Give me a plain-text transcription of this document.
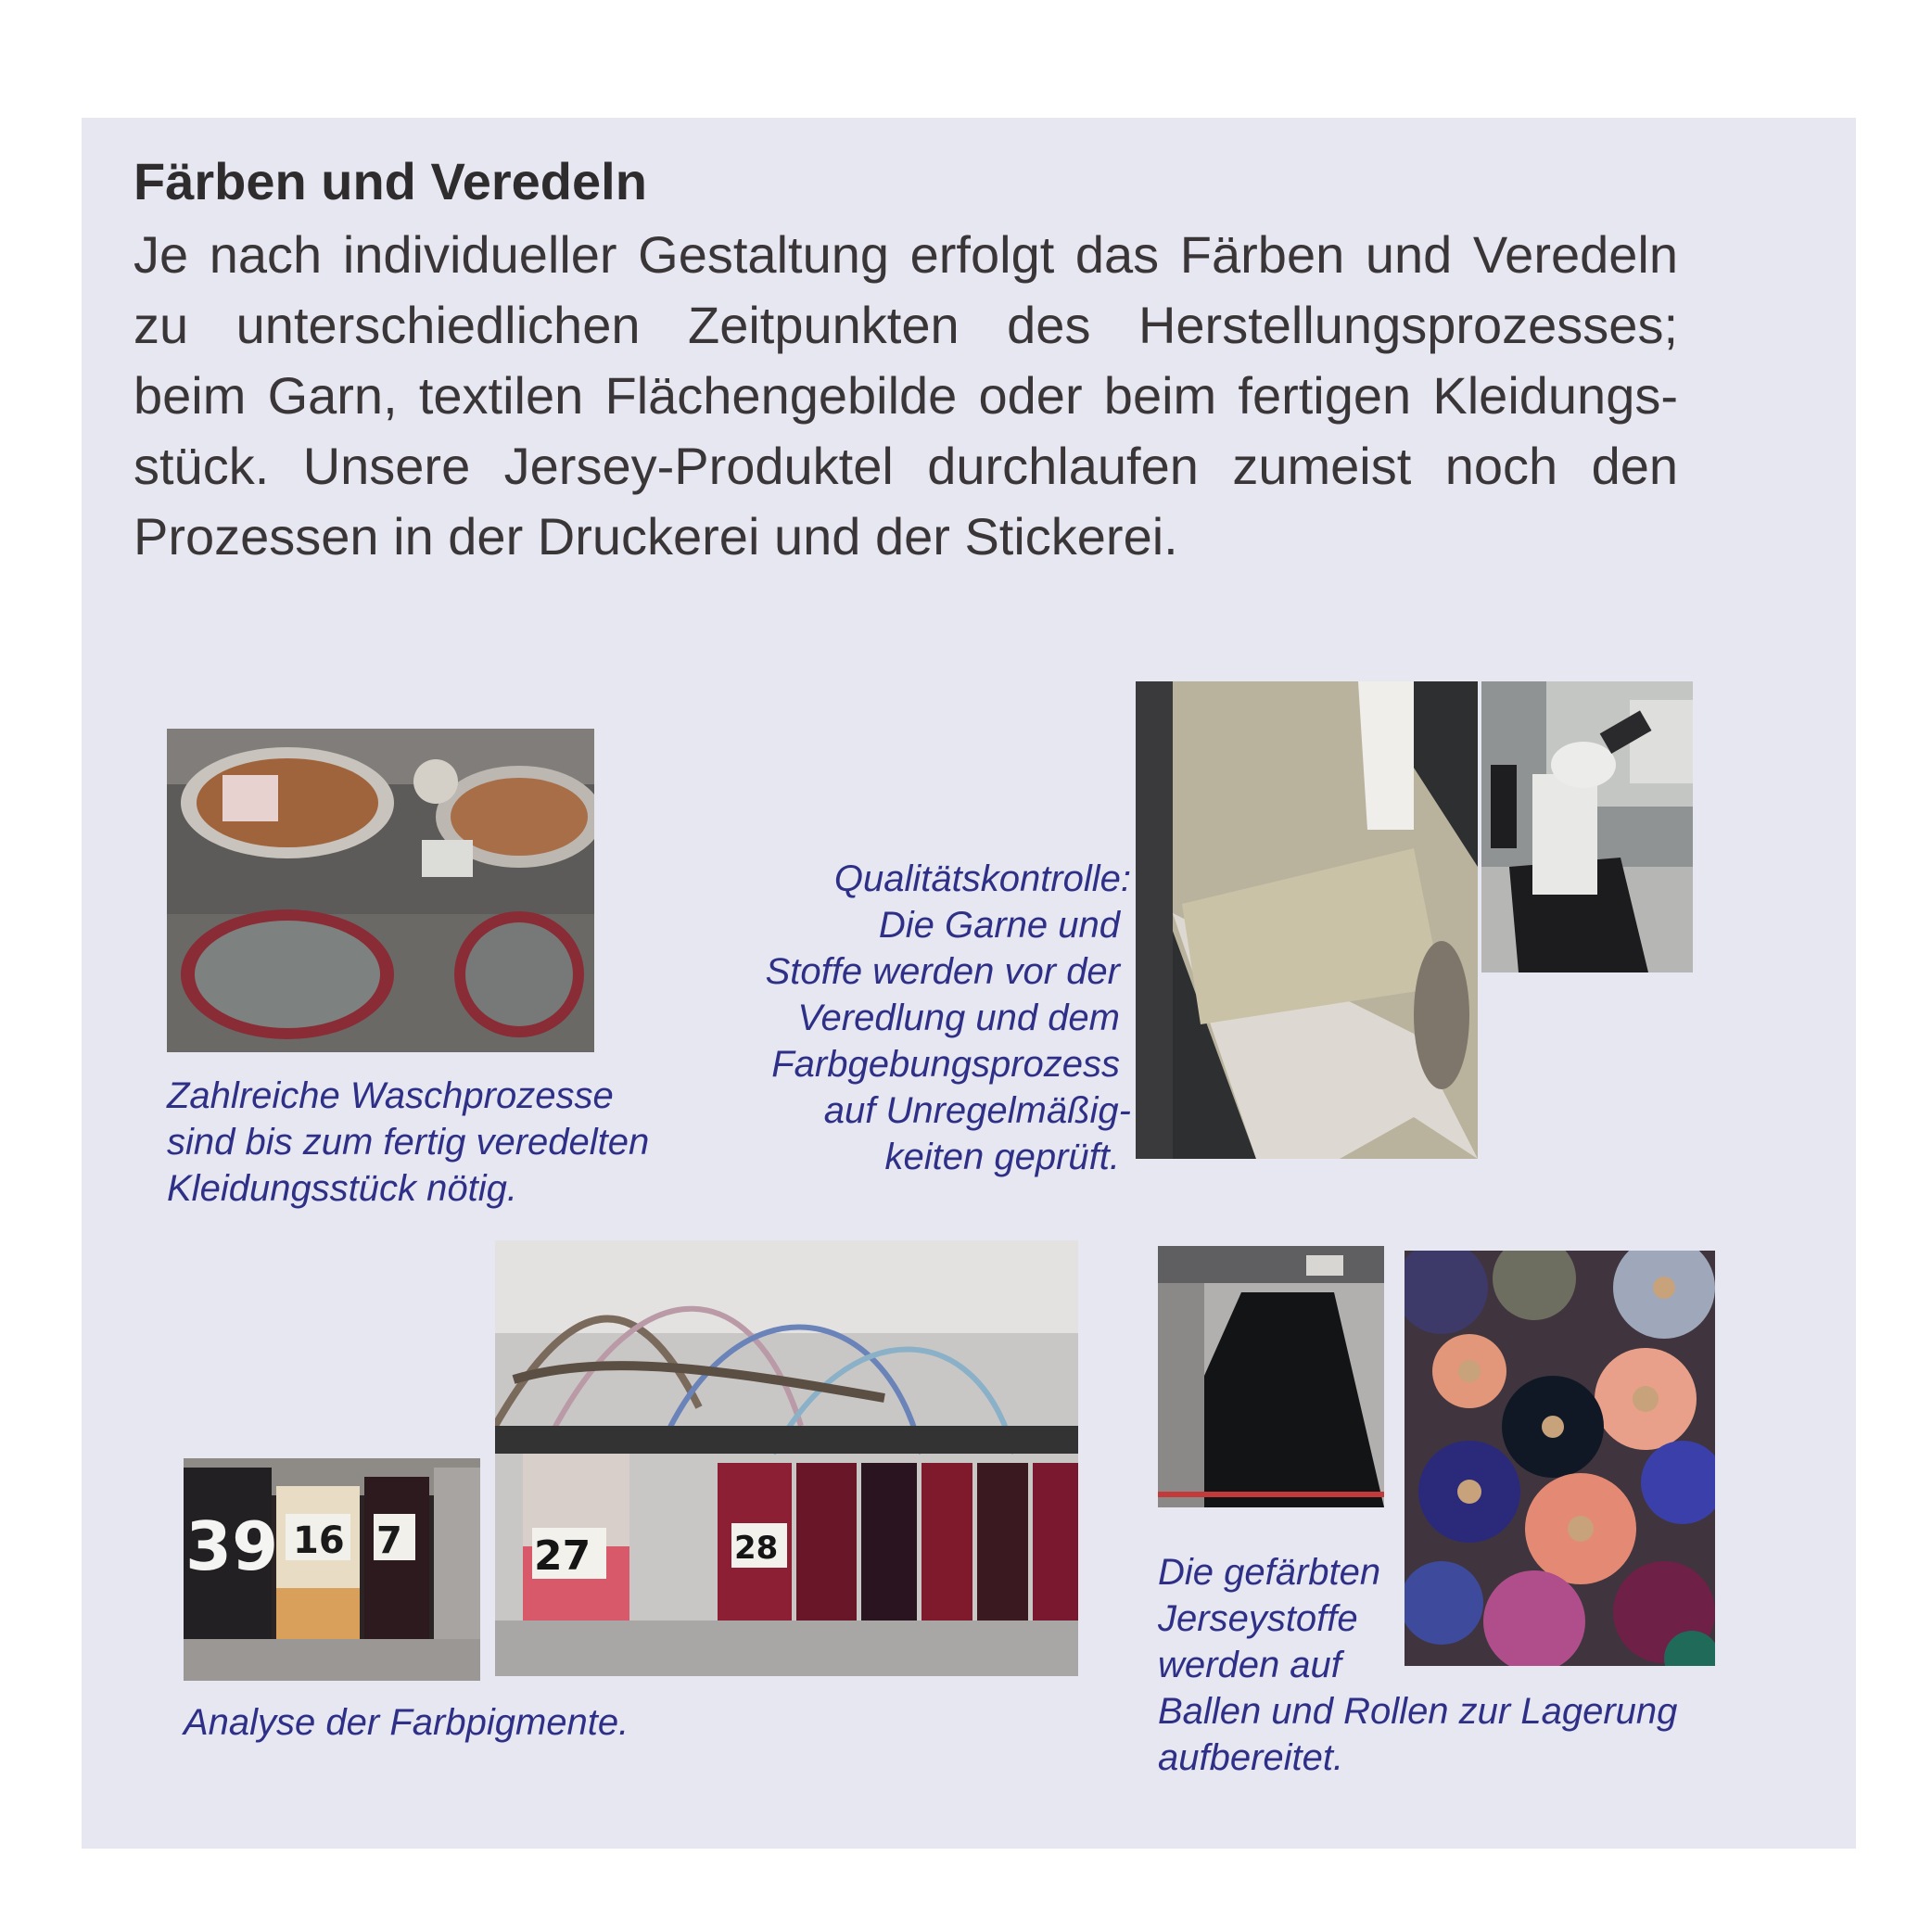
Färben und Veredeln
Je nach individueller Gestaltung erfolgt das Färben und Veredeln
zu unterschiedlichen Zeitpunkten des Herstellungsprozesses;
beim Garn, textilen Flächengebilde oder beim fertigen Kleidungs-
stück. Unsere Jersey-Produktel durchlaufen zumeist noch den
Prozessen in der Druckerei und der Stickerei.
Zahlreiche Waschprozesse
sind bis zum fertig veredelten
Kleidungsstück nötig.
Qualitätskontrolle:
Die Garne und
Stoffe werden vor der
Veredlung und dem
Farbgebungsprozess
auf Unregelmäßig-
keiten geprüft.
39 16 7	27	28
Analyse der Farbpigmente.
Die gefärbten
Jerseystoffe
werden auf
Ballen und Rollen zur Lagerung
aufbereitet.
